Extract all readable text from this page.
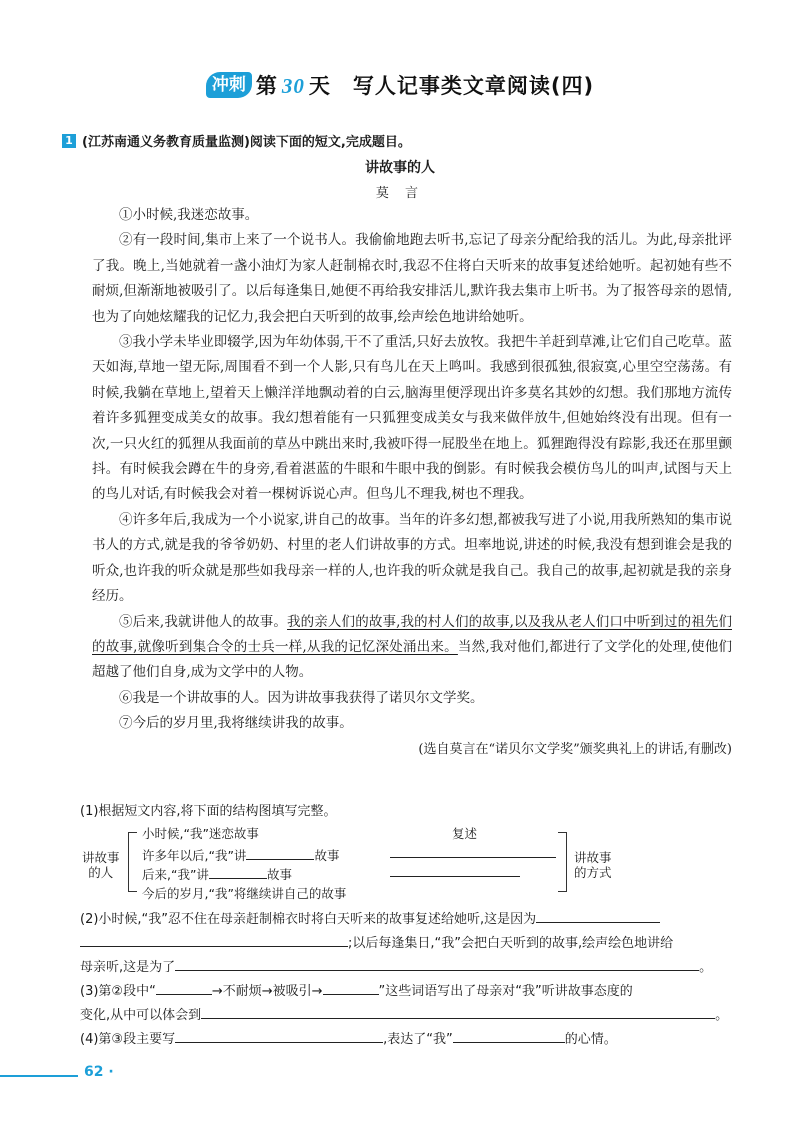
冲刺 第 30 天 写人记事类文章阅读(四)
1 (江苏南通义务教育质量监测)阅读下面的短文,完成题目。
讲故事的人
莫 言

①小时候,我迷恋故事。

②有一段时间,集市上来了一个说书人。我偷偷地跑去听书,忘记了母亲分配给我的活儿。为此,母亲批评了我。晚上,当她就着一盏小油灯为家人赶制棉衣时,我忍不住将白天听来的故事复述给她听。起初她有些不耐烦,但渐渐地被吸引了。以后每逢集日,她便不再给我安排活儿,默许我去集市上听书。为了报答母亲的恩情,也为了向她炫耀我的记忆力,我会把白天听到的故事,绘声绘色地讲给她听。

③我小学未毕业即辍学,因为年幼体弱,干不了重活,只好去放牧。我把牛羊赶到草滩,让它们自己吃草。蓝天如海,草地一望无际,周围看不到一个人影,只有鸟儿在天上鸣叫。我感到很孤独,很寂寞,心里空空荡荡。有时候,我躺在草地上,望着天上懒洋洋地飘动着的白云,脑海里便浮现出许多莫名其妙的幻想。我们那地方流传着许多狐狸变成美女的故事。我幻想着能有一只狐狸变成美女与我来做伴放牛,但她始终没有出现。但有一次,一只火红的狐狸从我面前的草丛中跳出来时,我被吓得一屁股坐在地上。狐狸跑得没有踪影,我还在那里颤抖。有时候我会蹲在牛的身旁,看着湛蓝的牛眼和牛眼中我的倒影。有时候我会模仿鸟儿的叫声,试图与天上的鸟儿对话,有时候我会对着一棵树诉说心声。但鸟儿不理我,树也不理我。

④许多年后,我成为一个小说家,讲自己的故事。当年的许多幻想,都被我写进了小说,用我所熟知的集市说书人的方式,就是我的爷爷奶奶、村里的老人们讲故事的方式。坦率地说,讲述的时候,我没有想到谁会是我的听众,也许我的听众就是那些如我母亲一样的人,也许我的听众就是我自己。我自己的故事,起初就是我的亲身经历。

⑤后来,我就讲他人的故事。我的亲人们的故事,我的村人们的故事,以及我从老人们口中听到过的祖先们的故事,就像听到集合令的士兵一样,从我的记忆深处涌出来。当然,我对他们,都进行了文学化的处理,使他们超越了他们自身,成为文学中的人物。

⑥我是一个讲故事的人。因为讲故事我获得了诺贝尔文学奖。

⑦今后的岁月里,我将继续讲我的故事。

(选自莫言在“诺贝尔文学奖”颁奖典礼上的讲话,有删改)

(1)根据短文内容,将下面的结构图填写完整。
讲故事
的人
小时候,“我”迷恋故事
许多年以后,“我”讲	故事
后来,“我”讲	故事
今后的岁月,“我”将继续讲自己的故事
复述
讲故事
的方式
(2)小时候,“我”忍不住在母亲赶制棉衣时将白天听来的故事复述给她听,这是因为
;以后每逢集日,“我”会把白天听到的故事,绘声绘色地讲给
母亲听,这是为了	。
(3)第②段中“	→不耐烦→被吸引→	”这些词语写出了母亲对“我”听讲故事态度的
变化,从中可以体会到	。
(4)第③段主要写	,表达了“我”	的心情。
62 ·
